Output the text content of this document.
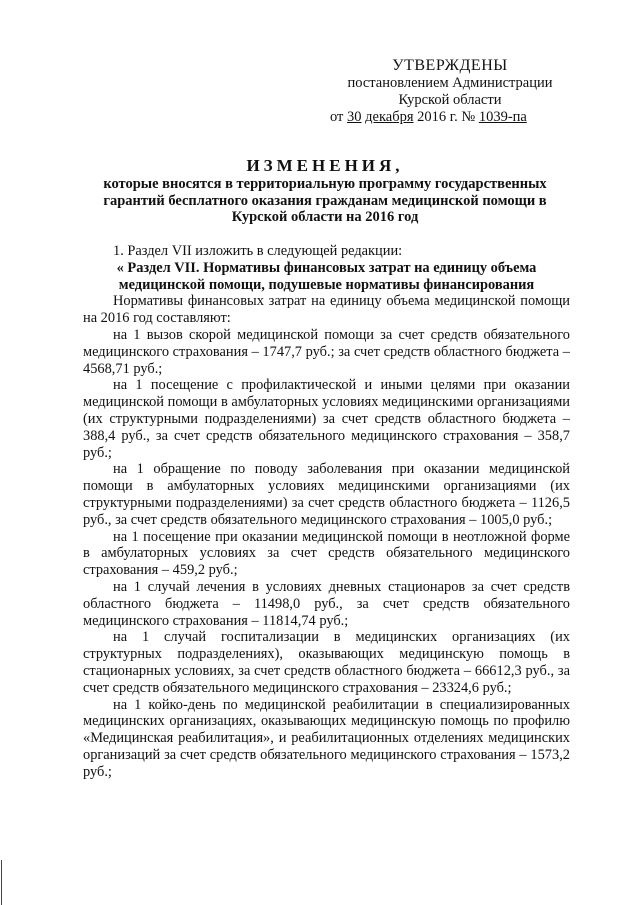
УТВЕРЖДЕНЫ
постановлением Администрации
Курской области
от 30 декабря 2016 г. № 1039-па
ИЗМЕНЕНИЯ,
которые вносятся в территориальную программу государственных гарантий бесплатного оказания гражданам медицинской помощи в Курской области на 2016 год

1. Раздел VII изложить в следующей редакции:

« Раздел VII. Нормативы финансовых затрат на единицу объема медицинской помощи, подушевые нормативы финансирования

Нормативы финансовых затрат на единицу объема медицинской помощи на 2016 год составляют:

на 1 вызов скорой медицинской помощи за счет средств обязательного медицинского страхования – 1747,7 руб.; за счет средств областного бюджета – 4568,71 руб.;

на 1 посещение с профилактической и иными целями при оказании медицинской помощи в амбулаторных условиях медицинскими организациями (их структурными подразделениями) за счет средств областного бюджета – 388,4 руб., за счет средств обязательного медицинского страхования – 358,7 руб.;

на 1 обращение по поводу заболевания при оказании медицинской помощи в амбулаторных условиях медицинскими организациями (их структурными подразделениями) за счет средств областного бюджета – 1126,5 руб., за счет средств обязательного медицинского страхования – 1005,0 руб.;

на 1 посещение при оказании медицинской помощи в неотложной форме в амбулаторных условиях за счет средств обязательного медицинского страхования – 459,2 руб.;

на 1 случай лечения в условиях дневных стационаров за счет средств областного бюджета – 11498,0 руб., за счет средств обязательного медицинского страхования – 11814,74 руб.;

на 1 случай госпитализации в медицинских организациях (их структурных подразделениях), оказывающих медицинскую помощь в стационарных условиях, за счет средств областного бюджета – 66612,3 руб., за счет средств обязательного медицинского страхования – 23324,6 руб.;

на 1 койко-день по медицинской реабилитации в специализированных медицинских организациях, оказывающих медицинскую помощь по профилю «Медицинская реабилитация», и реабилитационных отделениях медицинских организаций за счет средств обязательного медицинского страхования – 1573,2 руб.;
